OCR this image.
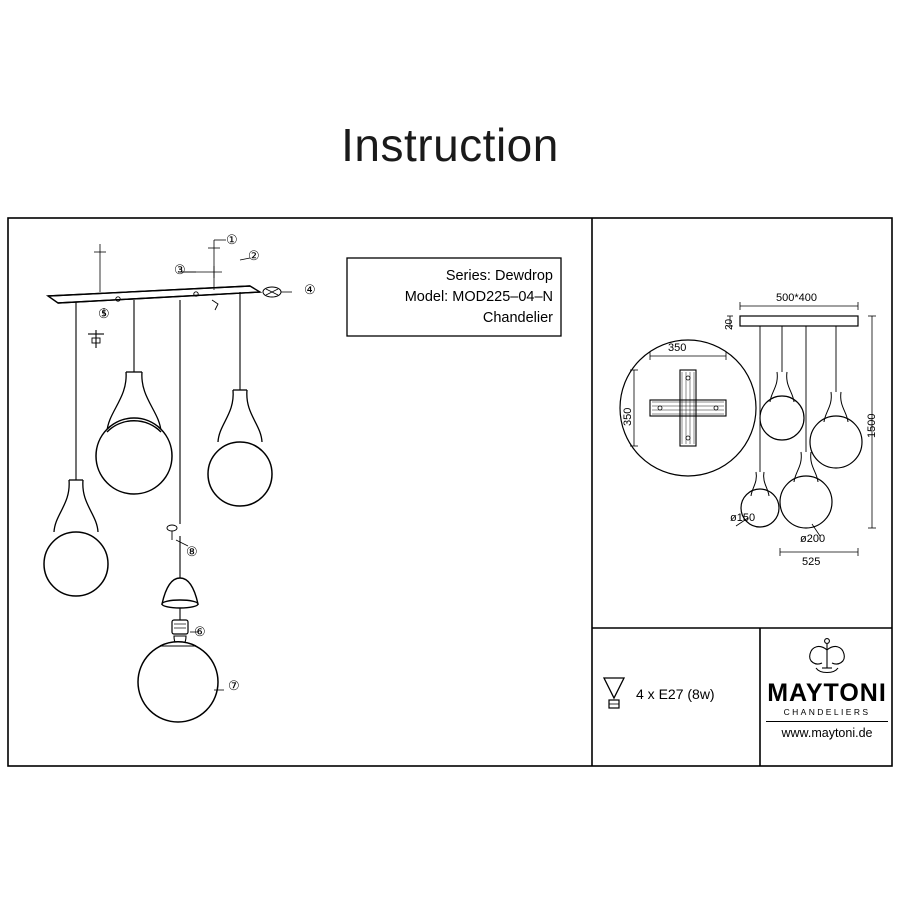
Instruction
Series: Dewdrop
Model: MOD225–04–N
Chandelier
①
②
③
④
⑤
⑥
⑦
⑧
500*400
20
350
350	1500
ø150
ø200
525
4 x E27 (8w) MAYTONI
CHANDELIERS
www.maytoni.de
